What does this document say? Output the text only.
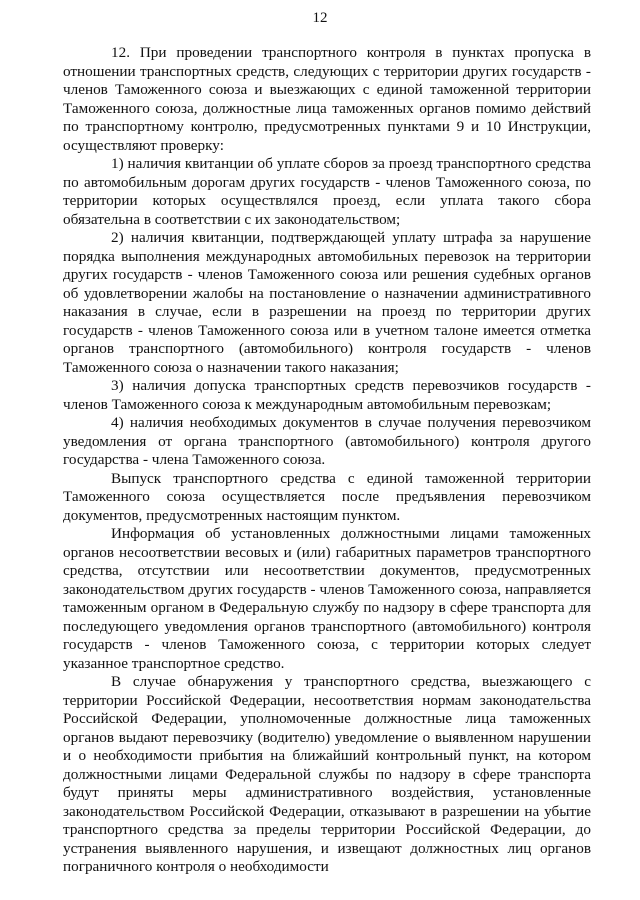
12

12. При проведении транспортного контроля в пунктах пропуска в отношении транспортных средств, следующих с территории других государств - членов Таможенного союза и выезжающих с единой таможенной территории Таможенного союза, должностные лица таможенных органов помимо действий по транспортному контролю, предусмотренных пунктами 9 и 10 Инструкции, осуществляют проверку:

1) наличия квитанции об уплате сборов за проезд транспортного средства по автомобильным дорогам других государств - членов Таможенного союза, по территории которых осуществлялся проезд, если уплата такого сбора обязательна в соответствии с их законодательством;

2) наличия квитанции, подтверждающей уплату штрафа за нарушение порядка выполнения международных автомобильных перевозок на территории других государств - членов Таможенного союза или решения судебных органов об удовлетворении жалобы на постановление о назначении административного наказания в случае, если в разрешении на проезд по территории других государств - членов Таможенного союза или в учетном талоне имеется отметка органов транспортного (автомобильного) контроля государств - членов Таможенного союза о назначении такого наказания;

3) наличия допуска транспортных средств перевозчиков государств - членов Таможенного союза к международным автомобильным перевозкам;

4) наличия необходимых документов в случае получения перевозчиком уведомления от органа транспортного (автомобильного) контроля другого государства - члена Таможенного союза.

Выпуск транспортного средства с единой таможенной территории Таможенного союза осуществляется после предъявления перевозчиком документов, предусмотренных настоящим пунктом.

Информация об установленных должностными лицами таможенных органов несоответствии весовых и (или) габаритных параметров транспортного средства, отсутствии или несоответствии документов, предусмотренных законодательством других государств - членов Таможенного союза, направляется таможенным органом в Федеральную службу по надзору в сфере транспорта для последующего уведомления органов транспортного (автомобильного) контроля государств - членов Таможенного союза, с территории которых следует указанное транспортное средство.

В случае обнаружения у транспортного средства, выезжающего с территории Российской Федерации, несоответствия нормам законодательства Российской Федерации, уполномоченные должностные лица таможенных органов выдают перевозчику (водителю) уведомление о выявленном нарушении и о необходимости прибытия на ближайший контрольный пункт, на котором должностными лицами Федеральной службы по надзору в сфере транспорта будут приняты меры административного воздействия, установленные законодательством Российской Федерации, отказывают в разрешении на убытие транспортного средства за пределы территории Российской Федерации, до устранения выявленного нарушения, и извещают должностных лиц органов пограничного контроля о необходимости
